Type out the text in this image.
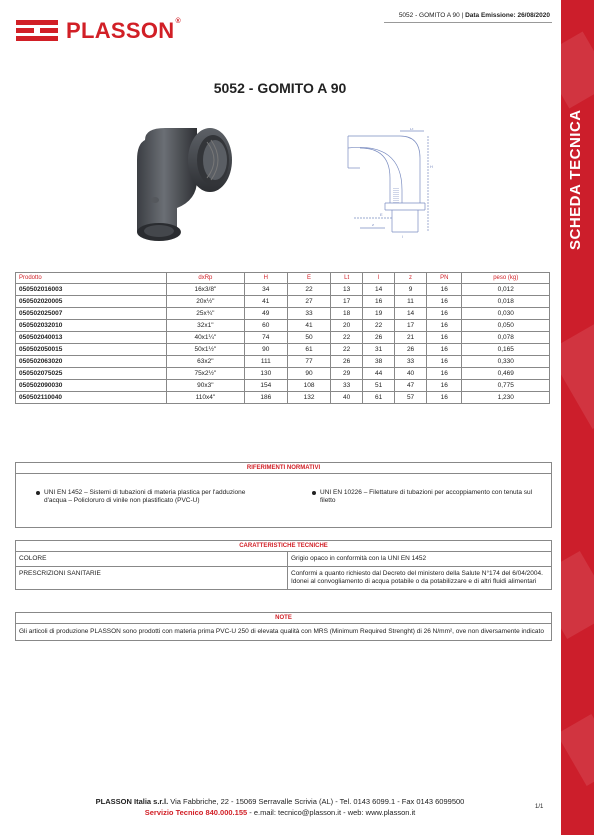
PLASSON®
5052 - GOMITO A 90 | Data Emissione: 26/08/2020
5052 - GOMITO A 90
SCHEDA TECNICA
Lt
H
z
l
E
Prodotto	dxRp	H	E	Lt	l	z	PN	peso (kg)
050502016003	16x3/8"	34	22	13	14	9	16	0,012
050502020005	20x½"	41	27	17	16	11	16	0,018
050502025007	25x¾"	49	33	18	19	14	16	0,030
050502032010	32x1"	60	41	20	22	17	16	0,050
050502040013	40x1¼"	74	50	22	26	21	16	0,078
050502050015	50x1½"	90	61	22	31	26	16	0,165
050502063020	63x2"	111	77	26	38	33	16	0,330
050502075025	75x2½"	130	90	29	44	40	16	0,469
050502090030	90x3"	154	108	33	51	47	16	0,775
050502110040	110x4"	186	132	40	61	57	16	1,230
RIFERIMENTI NORMATIVI
UNI EN 1452 – Sistemi di tubazioni di materia plastica per l'adduzione d'acqua – Policloruro di vinile non plastificato (PVC-U)
UNI EN 10226 – Filettature di tubazioni per accoppiamento con tenuta sul filetto
CARATTERISTICHE TECNICHE
COLORE	Grigio opaco in conformità con la UNI EN 1452
PRESCRIZIONI SANITARIE	Conformi a quanto richiesto dal Decreto del ministero della Salute N°174 del 6/04/2004. Idonei al convogliamento di acqua potabile o da potabilizzare e di altri fluidi alimentari
NOTE
Gli articoli di produzione PLASSON sono prodotti con materia prima PVC-U 250 di elevata qualità con MRS (Minimum Required Strenght) di 26 N/mm², ove non diversamente indicato
PLASSON Italia s.r.l. Via Fabbriche, 22 - 15069 Serravalle Scrivia (AL) - Tel. 0143 6099.1 - Fax 0143 6099500
Servizio Tecnico 840.000.155 - e.mail: tecnico@plasson.it - web: www.plasson.it
1/1
